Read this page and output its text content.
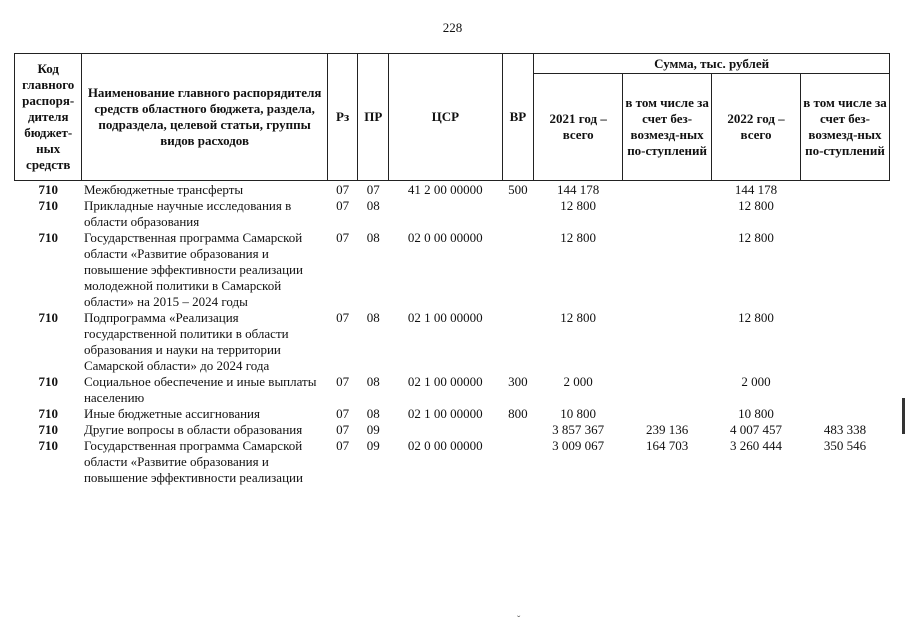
228
Код главного распоря-дителя бюджет-ных средств	Наименование главного распорядителя средств областного бюджета, раздела, подраздела, целевой статьи, группы видов расходов	Рз	ПР	ЦСР	ВР	Сумма, тыс. рублей			
						2021 год – всего	в том числе за счет без-возмезд-ных по-ступлений	2022 год – всего	в том числе за счет без-возмезд-ных по-ступлений
710	Межбюджетные трансферты	07	07	41 2 00 00000	500	144 178		144 178	
710	Прикладные научные исследования в области образования	07	08			12 800		12 800	
710	Государственная программа Самарской области «Развитие образования и повышение эффективности реализации молодежной политики в Самарской области» на 2015 – 2024 годы	07	08	02 0 00 00000		12 800		12 800	
710	Подпрограмма «Реализация государственной политики в области образования и науки на территории Самарской области» до 2024 года	07	08	02 1 00 00000		12 800		12 800	
710	Социальное обеспечение и иные выплаты населению	07	08	02 1 00 00000	300	2 000		2 000	
710	Иные бюджетные ассигнования	07	08	02 1 00 00000	800	10 800		10 800	
710	Другие вопросы в области образования	07	09			3 857 367	239 136	4 007 457	483 338
710	Государственная программа Самарской области «Развитие образования и повышение эффективности реализации	07	09	02 0 00 00000		3 009 067	164 703	3 260 444	350 546
ˇ
